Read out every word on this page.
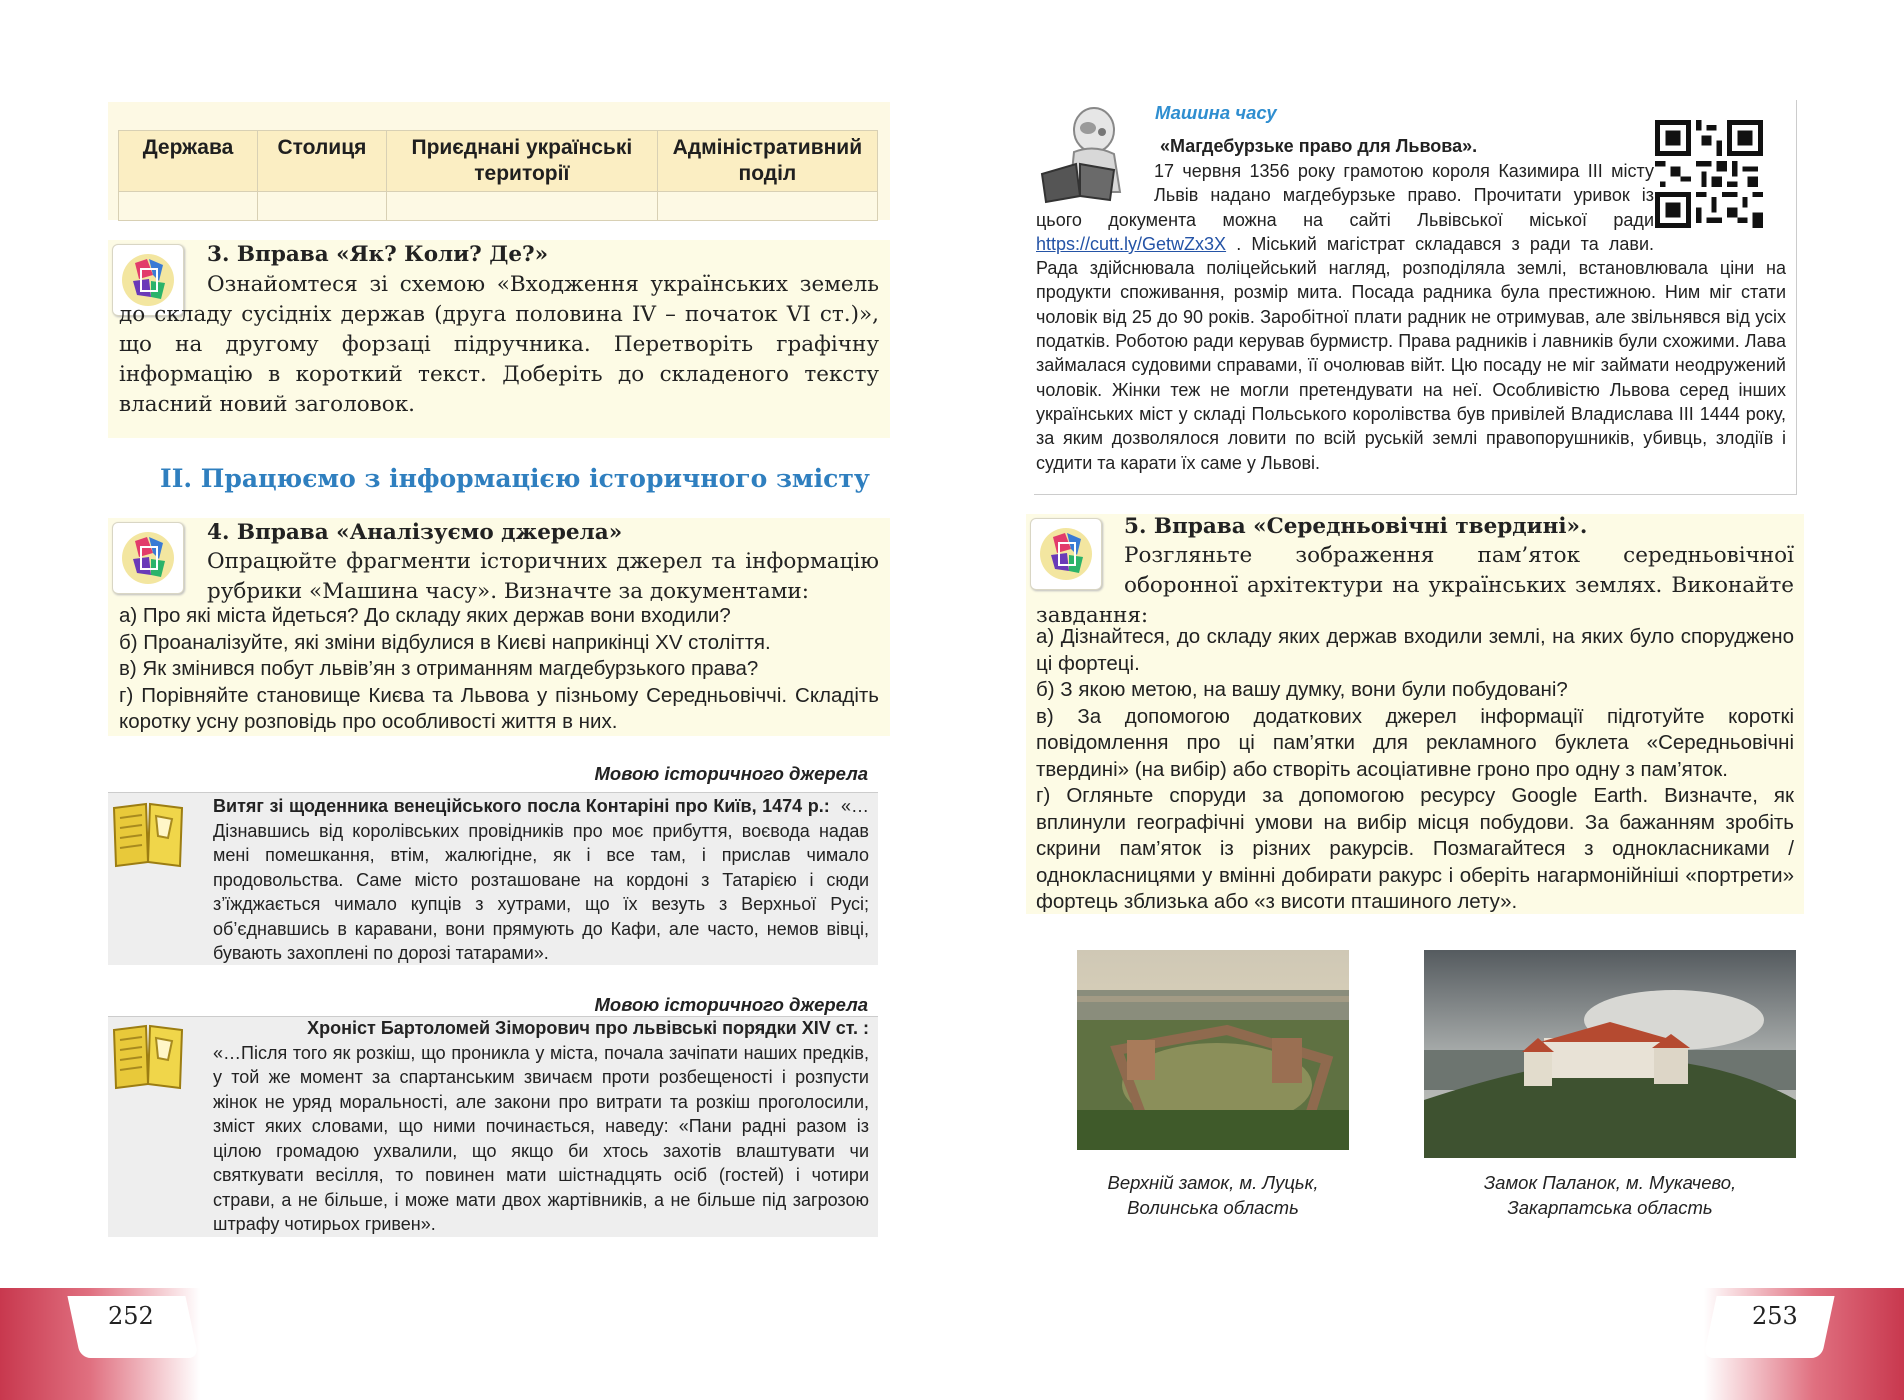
Держава	Столиця	Приєднані українські території	Адміністративний поділ

3. Вправа «Як? Коли? Де?»
Ознайомтеся зі схемою «Входження українських земель до складу сусідніх держав (друга половина IV – початок VI ст.)», що на другому форзаці підручника. Перетворіть графічну інформацію в короткий текст. Доберіть до складеного тексту власний новий заголовок.
ІІ. Працюємо з інформацією історичного змісту
4. Вправа «Аналізуємо джерела»
Опрацюйте фрагменти історичних джерел та інформацію рубрики «Машина часу». Визначте за документами:
а) Про які міста йдеться? До складу яких держав вони входили?
б) Проаналізуйте, які зміни відбулися в Києві наприкінці XV століття.
в) Як змінився побут львів’ян з отриманням магдебурзького права?
г) Порівняйте становище Києва та Львова у пізньому Середньовіччі. Складіть коротку усну розповідь про особливості життя в них.
Мовою історичного джерела
Витяг зі щоденника венеційського посла Контаріні про Київ, 1474 р.: «…Дізнавшись від королівських провідників про моє прибуття, воєвода надав мені помешкання, втім, жалюгідне, як і все там, і прислав чимало продовольства. Саме місто розташоване на кордоні з Татарією і сюди з’їжджається чимало купців з хутрами, що їх везуть з Верхньої Русі; об’єднавшись в каравани, вони прямують до Кафи, але часто, немов вівці, бувають захоплені по дорозі татарами».
Мовою історичного джерела
Хроніст Бартоломей Зіморович про львівські порядки XIV ст. :
«…Після того як розкіш, що проникла у міста, почала зачіпати наших предків, у той же момент за спартанським звичаєм проти розбещеності і розпусти жінок не уряд моральності, але закони про витрати та розкіш проголосили, зміст яких словами, що ними починається, наведу: «Пани радні разом із цілою громадою ухвалили, що якщо би хтось захотів влаштувати чи святкувати весілля, то повинен мати шістнадцять осіб (гостей) і чотири страви, а не більше, і може мати двох жартівників, а не більше під загрозою штрафу чотирьох гривен».
Машина часу
«Магдебурзьке право для Львова».
17 червня 1356 року грамотою короля Казимира III місту Львів надано магдебурзьке право. Прочитати уривок із цього документа можна на сайті Львівської міської ради https://cutt.ly/GetwZx3X . Міський магістрат складався з ради та лави. Рада здійснювала поліцейський нагляд, розподіляла землі, встановлювала ціни на продукти споживання, розмір мита. Посада радника була престижною. Ним міг стати чоловік від 25 до 90 років. Заробітної плати радник не отримував, але звільнявся від усіх податків. Роботою ради керував бурмистр. Права радників і лавників були схожими. Лава займалася судовими справами, її очолював війт. Цю посаду не міг займати неодружений чоловік. Жінки теж не могли претендувати на неї. Особливістю Львова серед інших українських міст у складі Польського королівства був привілей Владислава III 1444 року, за яким дозволялося ловити по всій руській землі правопорушників, убивць, злодіїв і судити та карати їх саме у Львові.
5. Вправа «Середньовічні твердині».
Розгляньте зображення пам’яток середньовічної оборонної архітектури на українських землях. Виконайте завдання:
а) Дізнайтеся, до складу яких держав входили землі, на яких було споруджено ці фортеці.
б) З якою метою, на вашу думку, вони були побудовані?
в) За допомогою додаткових джерел інформації підготуйте короткі повідомлення про ці пам’ятки для рекламного буклета «Середньовічні твердині» (на вибір) або створіть асоціативне гроно про одну з пам’яток.
г) Огляньте споруди за допомогою ресурсу Google Earth. Визначте, як вплинули географічні умови на вибір місця побудови. За бажанням зробіть скрини пам’яток із різних ракурсів. Позмагайтеся з однокласниками / однокласницями у вмінні добирати ракурс і оберіть нагармонійніші «портрети» фортець зблизька або «з висоти пташиного лету».
Верхній замок, м. Луцьк,
Волинська область
Замок Паланок, м. Мукачево,
Закарпатська область
252	253
